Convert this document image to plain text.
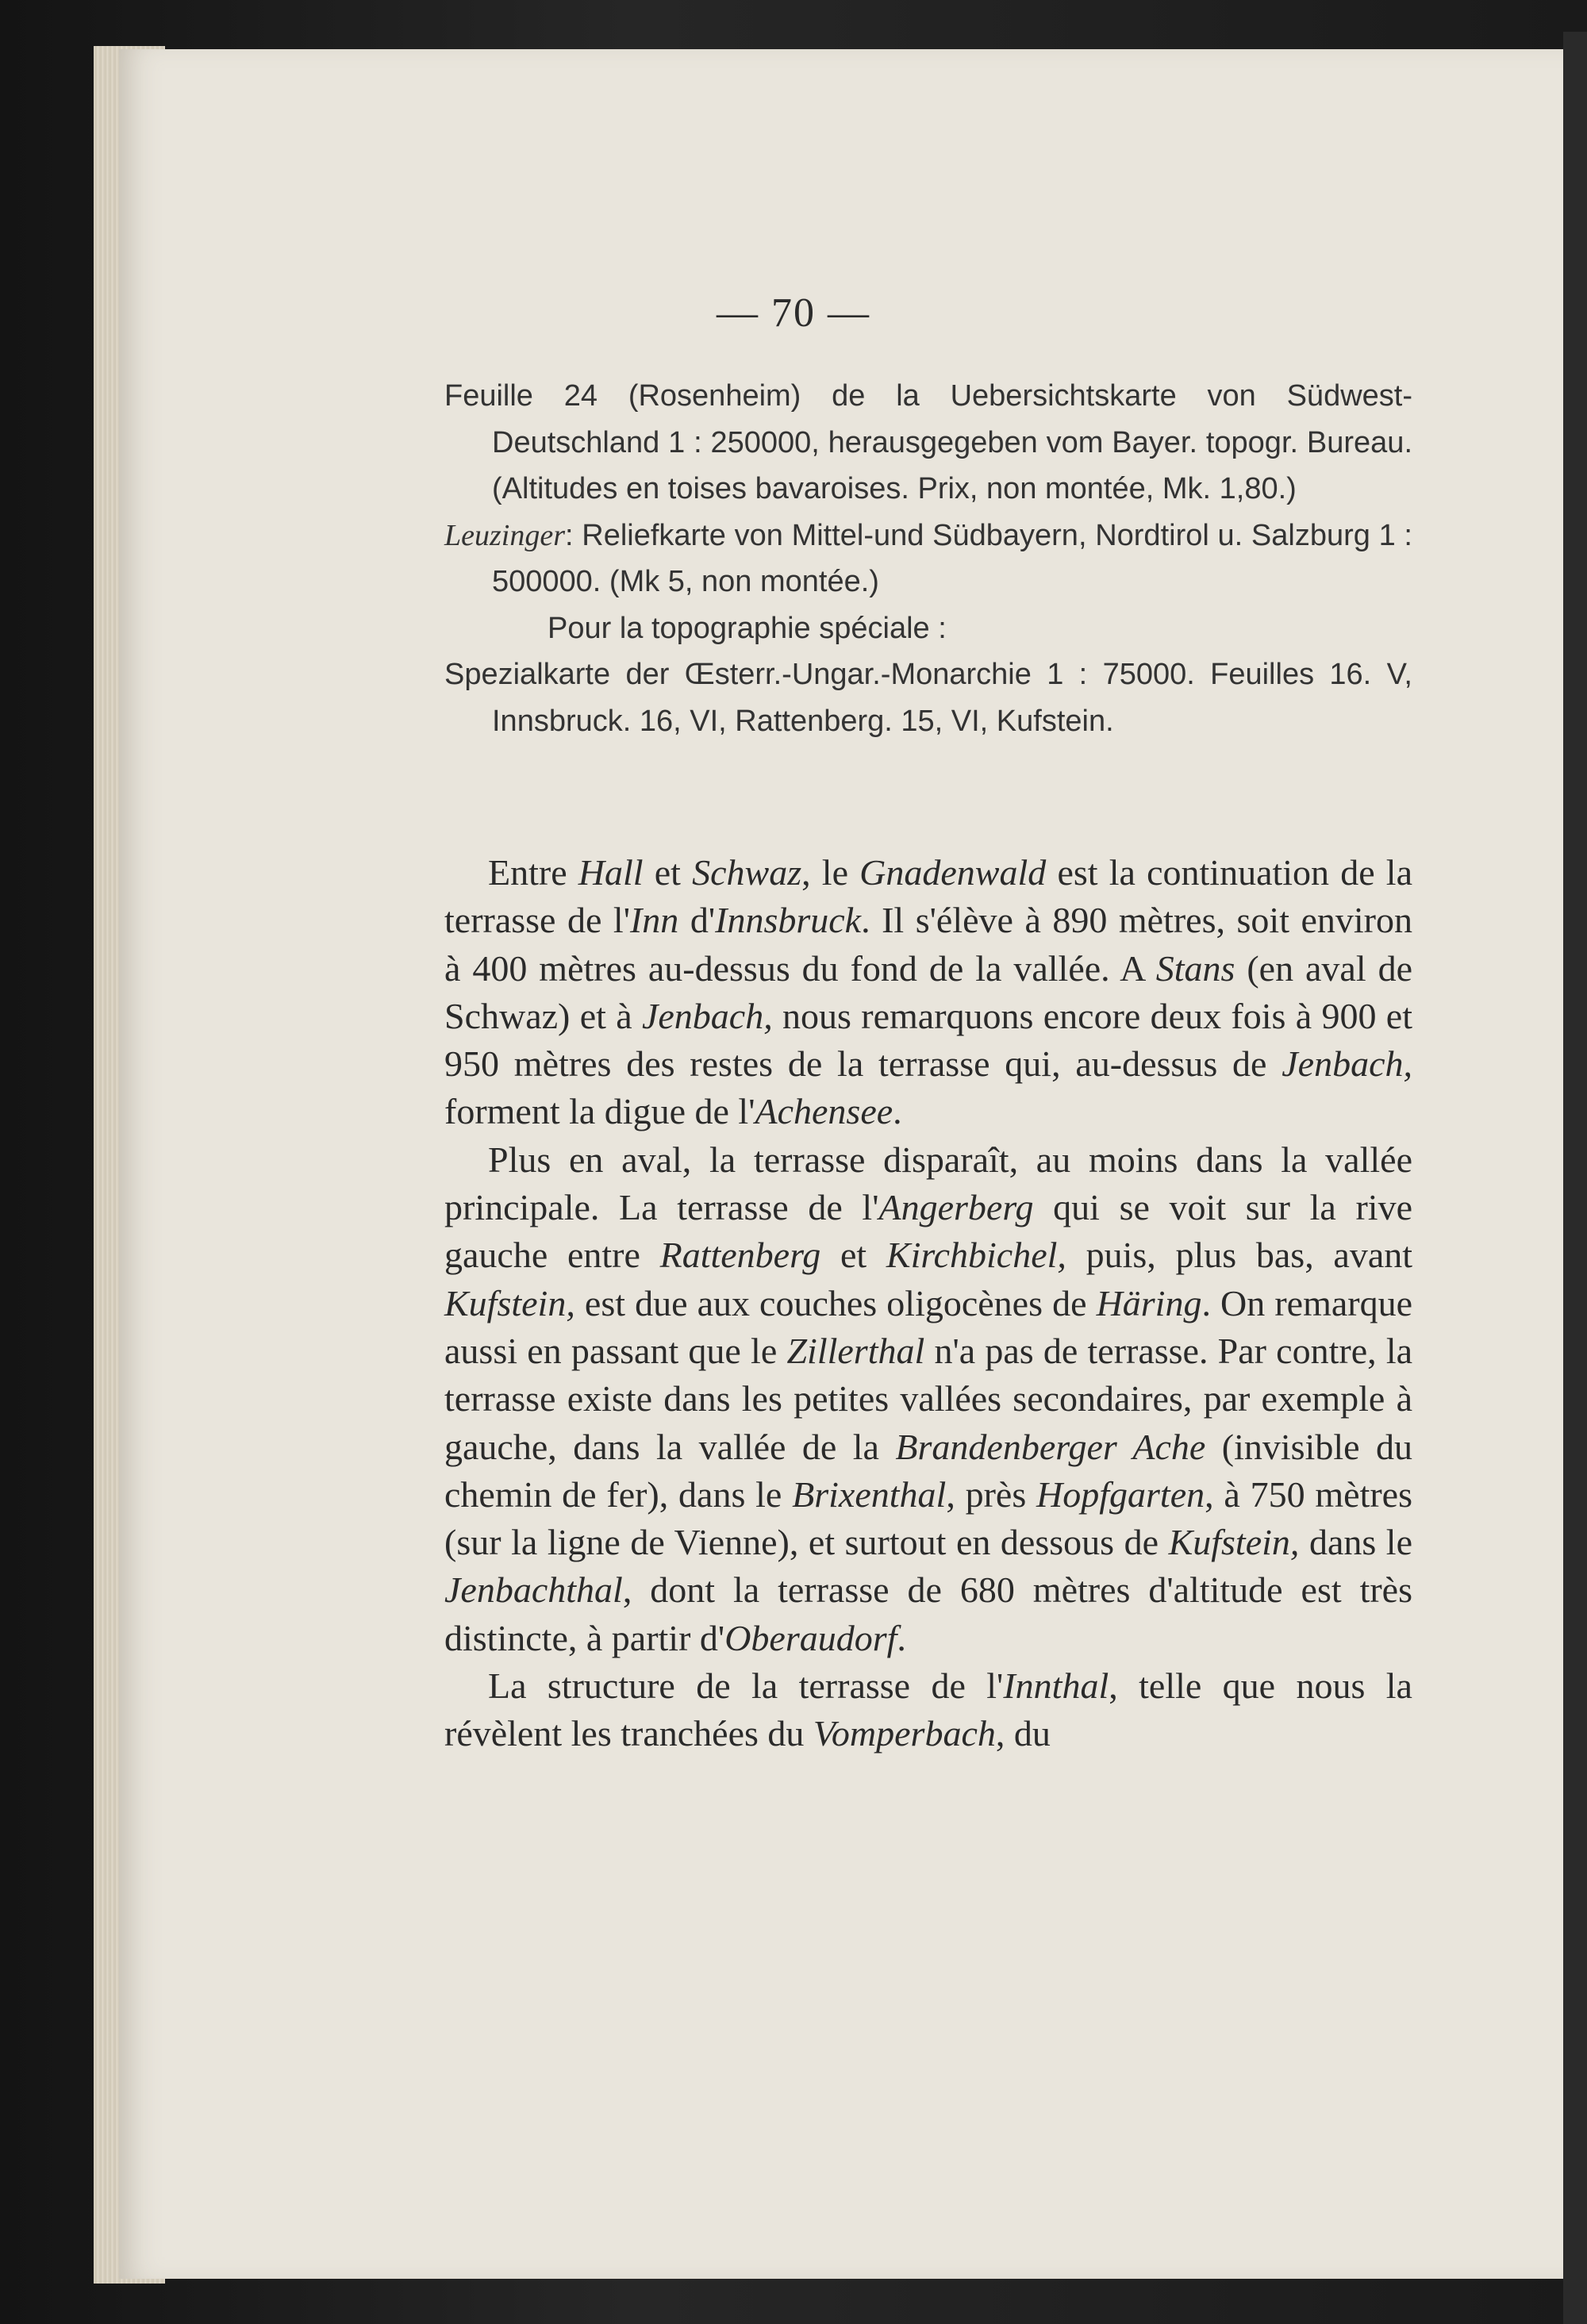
— 70 —

Feuille 24 (Rosenheim) de la Uebersichtskarte von Südwest-Deutschland 1 : 250000, herausgegeben vom Bayer. topogr. Bureau. (Altitudes en toises bavaroises. Prix, non montée, Mk. 1,80.)

Leuzinger: Reliefkarte von Mittel-und Südbayern, Nordtirol u. Salzburg 1 : 500000. (Mk 5, non montée.)

Pour la topographie spéciale :

Spezialkarte der Œsterr.-Ungar.-Monarchie 1 : 75000. Feuilles 16. V, Innsbruck. 16, VI, Rattenberg. 15, VI, Kufstein.

Entre Hall et Schwaz, le Gnadenwald est la continuation de la terrasse de l'Inn d'Innsbruck. Il s'élève à 890 mètres, soit environ à 400 mètres au-dessus du fond de la vallée. A Stans (en aval de Schwaz) et à Jenbach, nous remarquons encore deux fois à 900 et 950 mètres des restes de la terrasse qui, au-dessus de Jenbach, forment la digue de l'Achensee.

Plus en aval, la terrasse disparaît, au moins dans la vallée principale. La terrasse de l'Angerberg qui se voit sur la rive gauche entre Rattenberg et Kirchbichel, puis, plus bas, avant Kufstein, est due aux couches oligocènes de Häring. On remarque aussi en passant que le Zillerthal n'a pas de terrasse. Par contre, la terrasse existe dans les petites vallées secondaires, par exemple à gauche, dans la vallée de la Brandenberger Ache (invisible du chemin de fer), dans le Brixenthal, près Hopfgarten, à 750 mètres (sur la ligne de Vienne), et surtout en dessous de Kufstein, dans le Jenbachthal, dont la terrasse de 680 mètres d'altitude est très distincte, à partir d'Oberaudorf.

La structure de la terrasse de l'Innthal, telle que nous la révèlent les tranchées du Vomperbach, du
